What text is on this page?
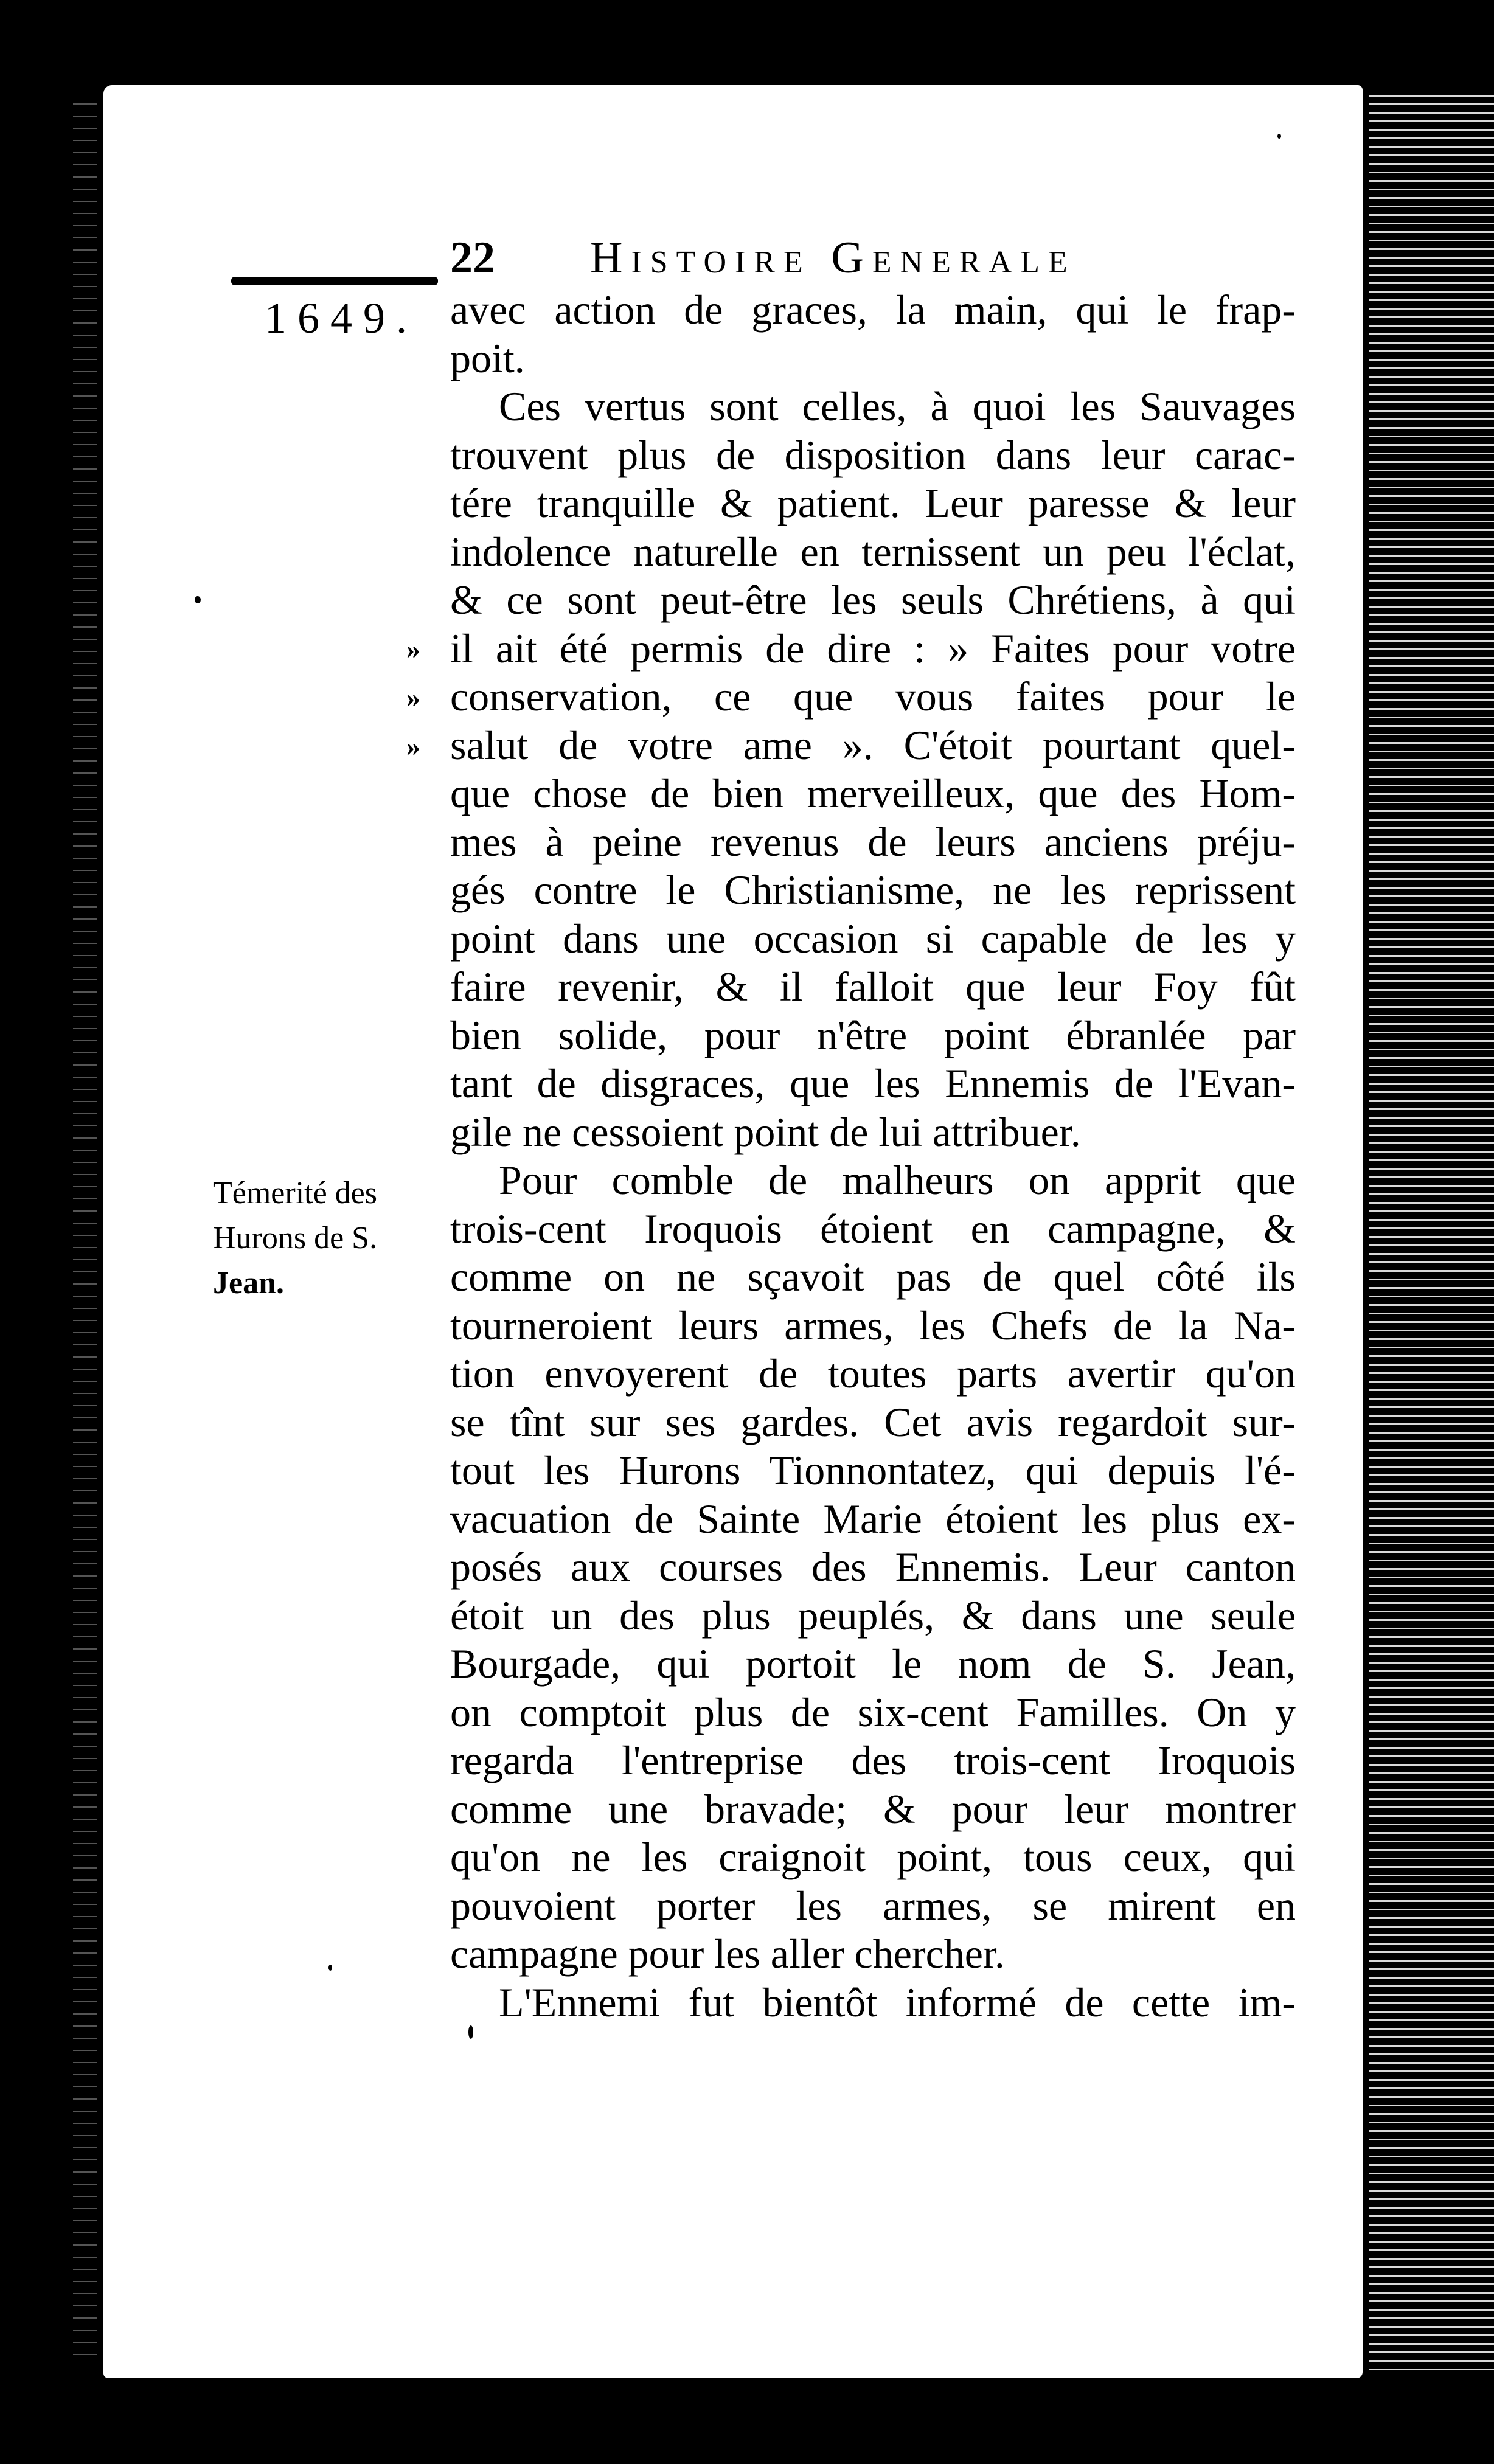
22 Histoire Generale
1649.
»
»
»
Témerité des
Hurons de S.
Jean.
avec action de graces, la main, qui le frap-
poit.
Ces vertus sont celles, à quoi les Sauvages
trouvent plus de disposition dans leur carac-
tére tranquille & patient. Leur paresse & leur
indolence naturelle en ternissent un peu l'éclat,
& ce sont peut-être les seuls Chrétiens, à qui
il ait été permis de dire : » Faites pour votre
conservation, ce que vous faites pour le
salut de votre ame ». C'étoit pourtant quel-
que chose de bien merveilleux, que des Hom-
mes à peine revenus de leurs anciens préju-
gés contre le Christianisme, ne les reprissent
point dans une occasion si capable de les y
faire revenir, & il falloit que leur Foy fût
bien solide, pour n'être point ébranlée par
tant de disgraces, que les Ennemis de l'Evan-
gile ne cessoient point de lui attribuer.
Pour comble de malheurs on apprit que
trois-cent Iroquois étoient en campagne, &
comme on ne sçavoit pas de quel côté ils
tourneroient leurs armes, les Chefs de la Na-
tion envoyerent de toutes parts avertir qu'on
se tînt sur ses gardes. Cet avis regardoit sur-
tout les Hurons Tionnontatez, qui depuis l'é-
vacuation de Sainte Marie étoient les plus ex-
posés aux courses des Ennemis. Leur canton
étoit un des plus peuplés, & dans une seule
Bourgade, qui portoit le nom de S. Jean,
on comptoit plus de six-cent Familles. On y
regarda l'entreprise des trois-cent Iroquois
comme une bravade; & pour leur montrer
qu'on ne les craignoit point, tous ceux, qui
pouvoient porter les armes, se mirent en
campagne pour les aller chercher.
L'Ennemi fut bientôt informé de cette im-
